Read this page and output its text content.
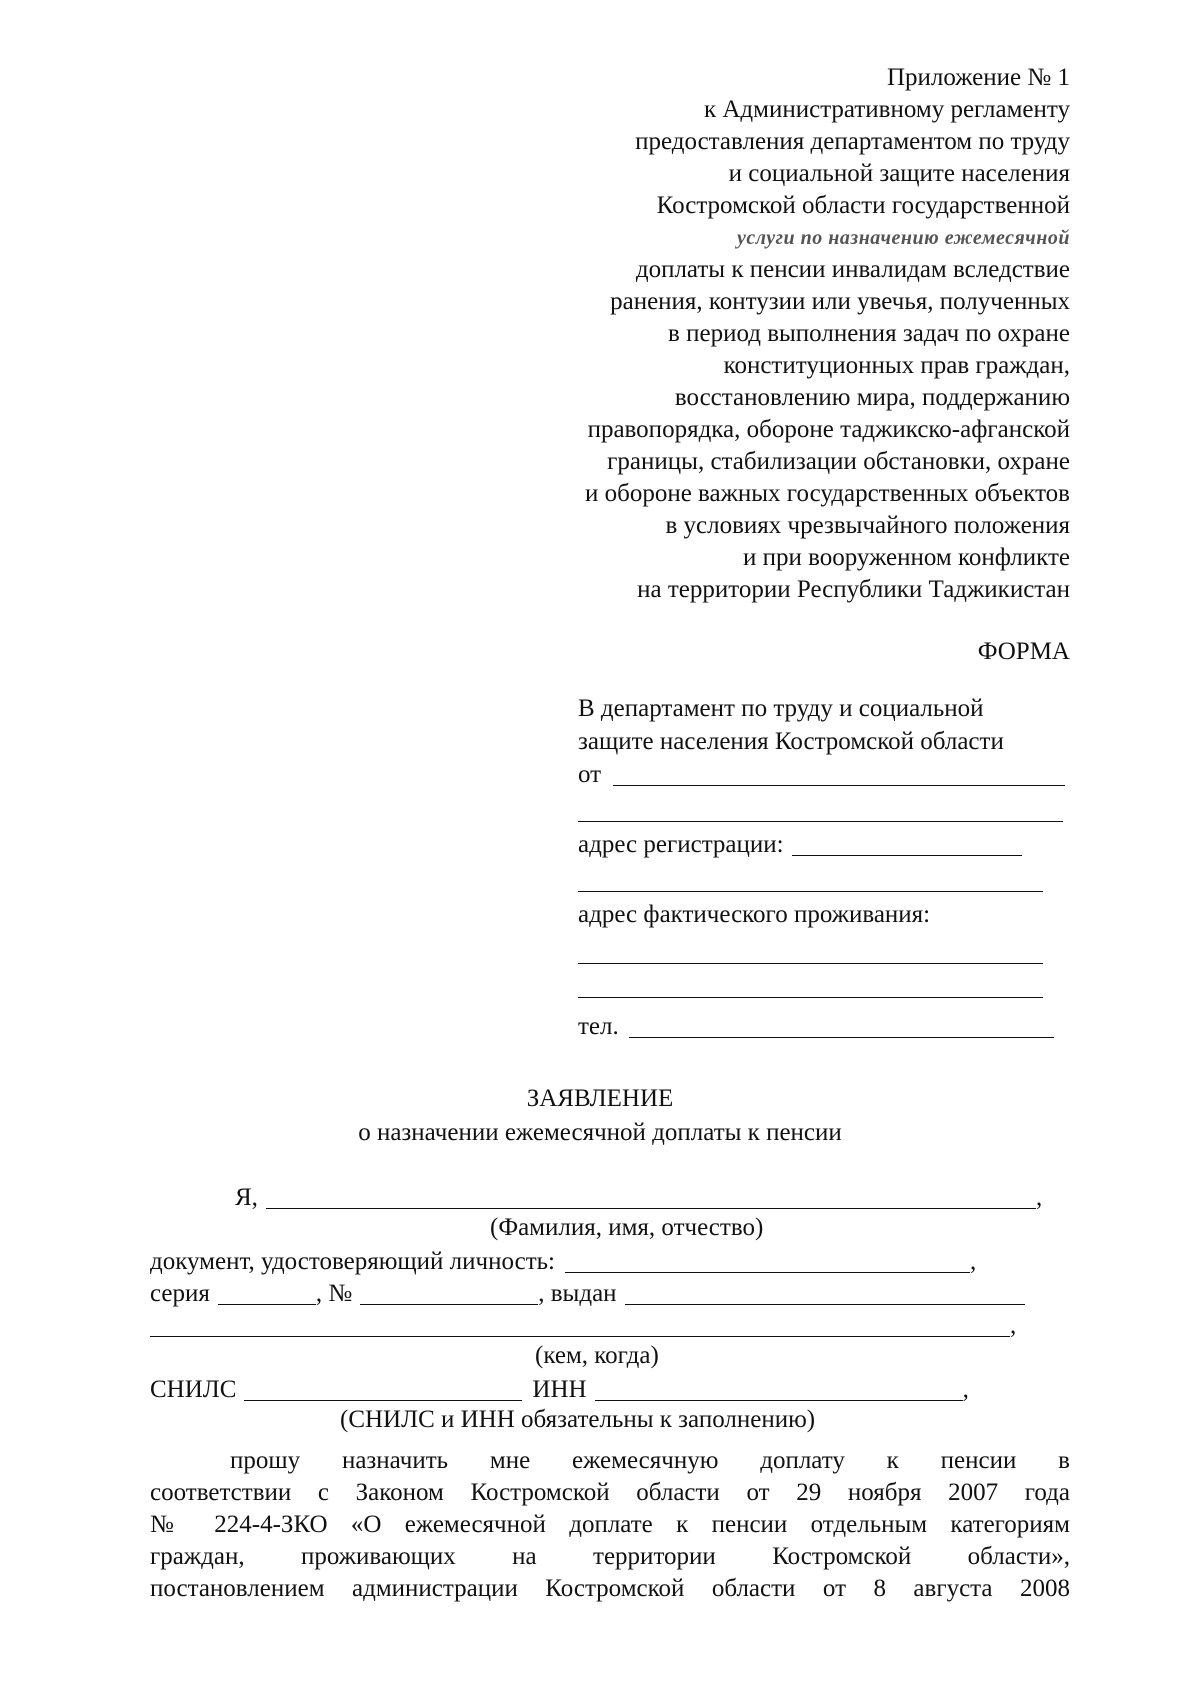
Приложение № 1
к Административному регламенту
предоставления департаментом по труду
и социальной защите населения
Костромской области государственной
услуги по назначению ежемесячной
доплаты к пенсии инвалидам вследствие
ранения, контузии или увечья, полученных
в период выполнения задач по охране
конституционных прав граждан,
восстановлению мира, поддержанию
правопорядка, обороне таджикско-афганской
границы, стабилизации обстановки, охране
и обороне важных государственных объектов
в условиях чрезвычайного положения
и при вооруженном конфликте
на территории Республики Таджикистан
ФОРМА
В департамент по труду и социальной
защите населения Костромской области
от
адрес регистрации:
адрес фактического проживания:
тел.
ЗАЯВЛЕНИЕ
о назначении ежемесячной доплаты к пенсии
Я,	,
(Фамилия, имя, отчество)
документ, удостоверяющий личность:	,
серия	, №	, выдан
,
(кем, когда)
СНИЛС	ИНН	,
(СНИЛС и ИНН обязательны к заполнению)
прошу назначить мне ежемесячную доплату к пенсии в
соответствии с Законом Костромской области от 29 ноября 2007 года
№ 224-4-ЗКО «О ежемесячной доплате к пенсии отдельным категориям
граждан, проживающих на территории Костромской области»,
постановлением администрации Костромской области от 8 августа 2008
